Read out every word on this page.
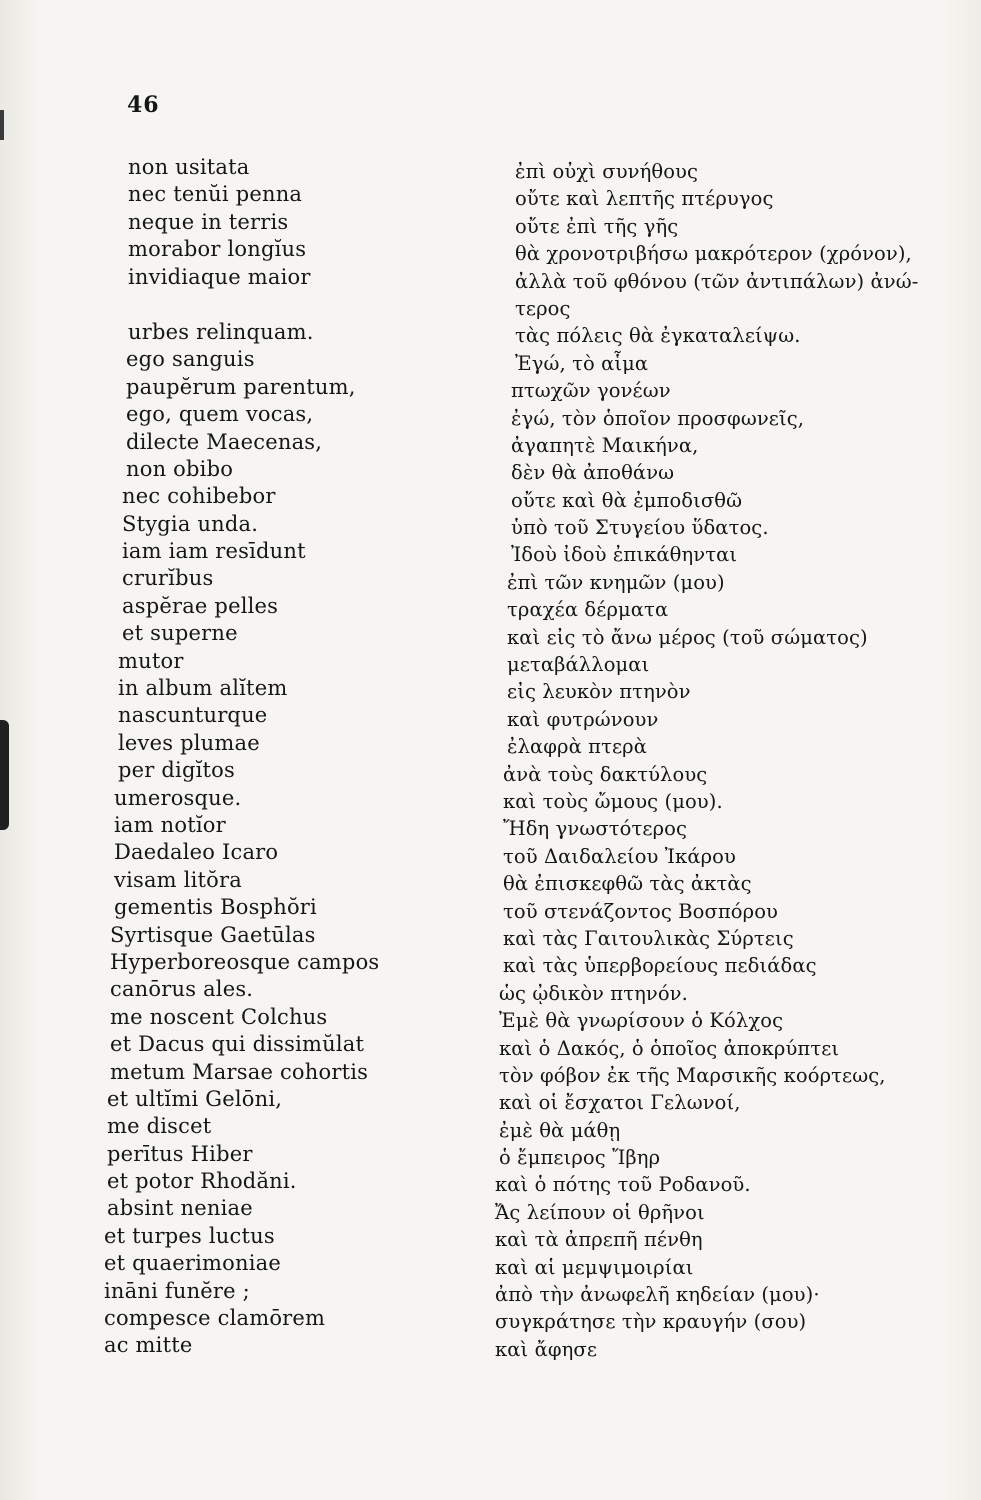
46
non usitata
nec tenŭi penna
neque in terris
morabor longĭus
invidiaque maior
urbes relinquam.
ego sanguis
paupĕrum parentum,
ego, quem vocas,
dilecte Maecenas,
non obibo
nec cohibebor
Stygia unda.
iam iam resīdunt
crurĭbus
aspĕrae pelles
et superne
mutor
in album alĭtem
nascunturque
leves plumae
per digĭtos
umerosque.
iam notĭor
Daedaleo Icaro
visam litŏra
gementis Bosphŏri
Syrtisque Gaetūlas
Hyperboreosque campos
canōrus ales.
me noscent Colchus
et Dacus qui dissimŭlat
metum Marsae cohortis
et ultĭmi Gelōni,
me discet
perītus Hiber
et potor Rhodăni.
absint neniae
et turpes luctus
et quaerimoniae
ināni funĕre ;
compesce clamōrem
ac mitte
ἐπὶ οὐχὶ συνήθους
οὔτε καὶ λεπτῆς πτέρυγος
οὔτε ἐπὶ τῆς γῆς
θὰ χρονοτριβήσω μακρότερον (χρόνον),
ἀλλὰ τοῦ φθόνου (τῶν ἀντιπάλων) ἀνώ-
τερος
τὰς πόλεις θὰ ἐγκαταλείψω.
Ἐγώ, τὸ αἷμα
πτωχῶν γονέων
ἐγώ, τὸν ὁποῖον προσφωνεῖς,
ἀγαπητὲ Μαικήνα,
δὲν θὰ ἀποθάνω
οὔτε καὶ θὰ ἐμποδισθῶ
ὑπὸ τοῦ Στυγείου ὕδατος.
Ἰδοὺ ἰδοὺ ἐπικάθηνται
ἐπὶ τῶν κνημῶν (μου)
τραχέα δέρματα
καὶ εἰς τὸ ἄνω μέρος (τοῦ σώματος)
μεταβάλλομαι
εἰς λευκὸν πτηνὸν
καὶ φυτρώνουν
ἐλαφρὰ πτερὰ
ἀνὰ τοὺς δακτύλους
καὶ τοὺς ὤμους (μου).
Ἤδη γνωστότερος
τοῦ Δαιδαλείου Ἰκάρου
θὰ ἐπισκεφθῶ τὰς ἀκτὰς
τοῦ στενάζοντος Βοσπόρου
καὶ τὰς Γαιτουλικὰς Σύρτεις
καὶ τὰς ὑπερβορείους πεδιάδας
ὡς ᾠδικὸν πτηνόν.
Ἐμὲ θὰ γνωρίσουν ὁ Κόλχος
καὶ ὁ Δακός, ὁ ὁποῖος ἀποκρύπτει
τὸν φόβον ἐκ τῆς Μαρσικῆς κοόρτεως,
καὶ οἱ ἔσχατοι Γελωνοί,
ἐμὲ θὰ μάθῃ
ὁ ἔμπειρος Ἴβηρ
καὶ ὁ πότης τοῦ Ροδανοῦ.
Ἄς λείπουν οἱ θρῆνοι
καὶ τὰ ἀπρεπῆ πένθη
καὶ αἱ μεμψιμοιρίαι
ἀπὸ τὴν ἀνωφελῆ κηδείαν (μου)·
συγκράτησε τὴν κραυγήν (σου)
καὶ ἄφησε
